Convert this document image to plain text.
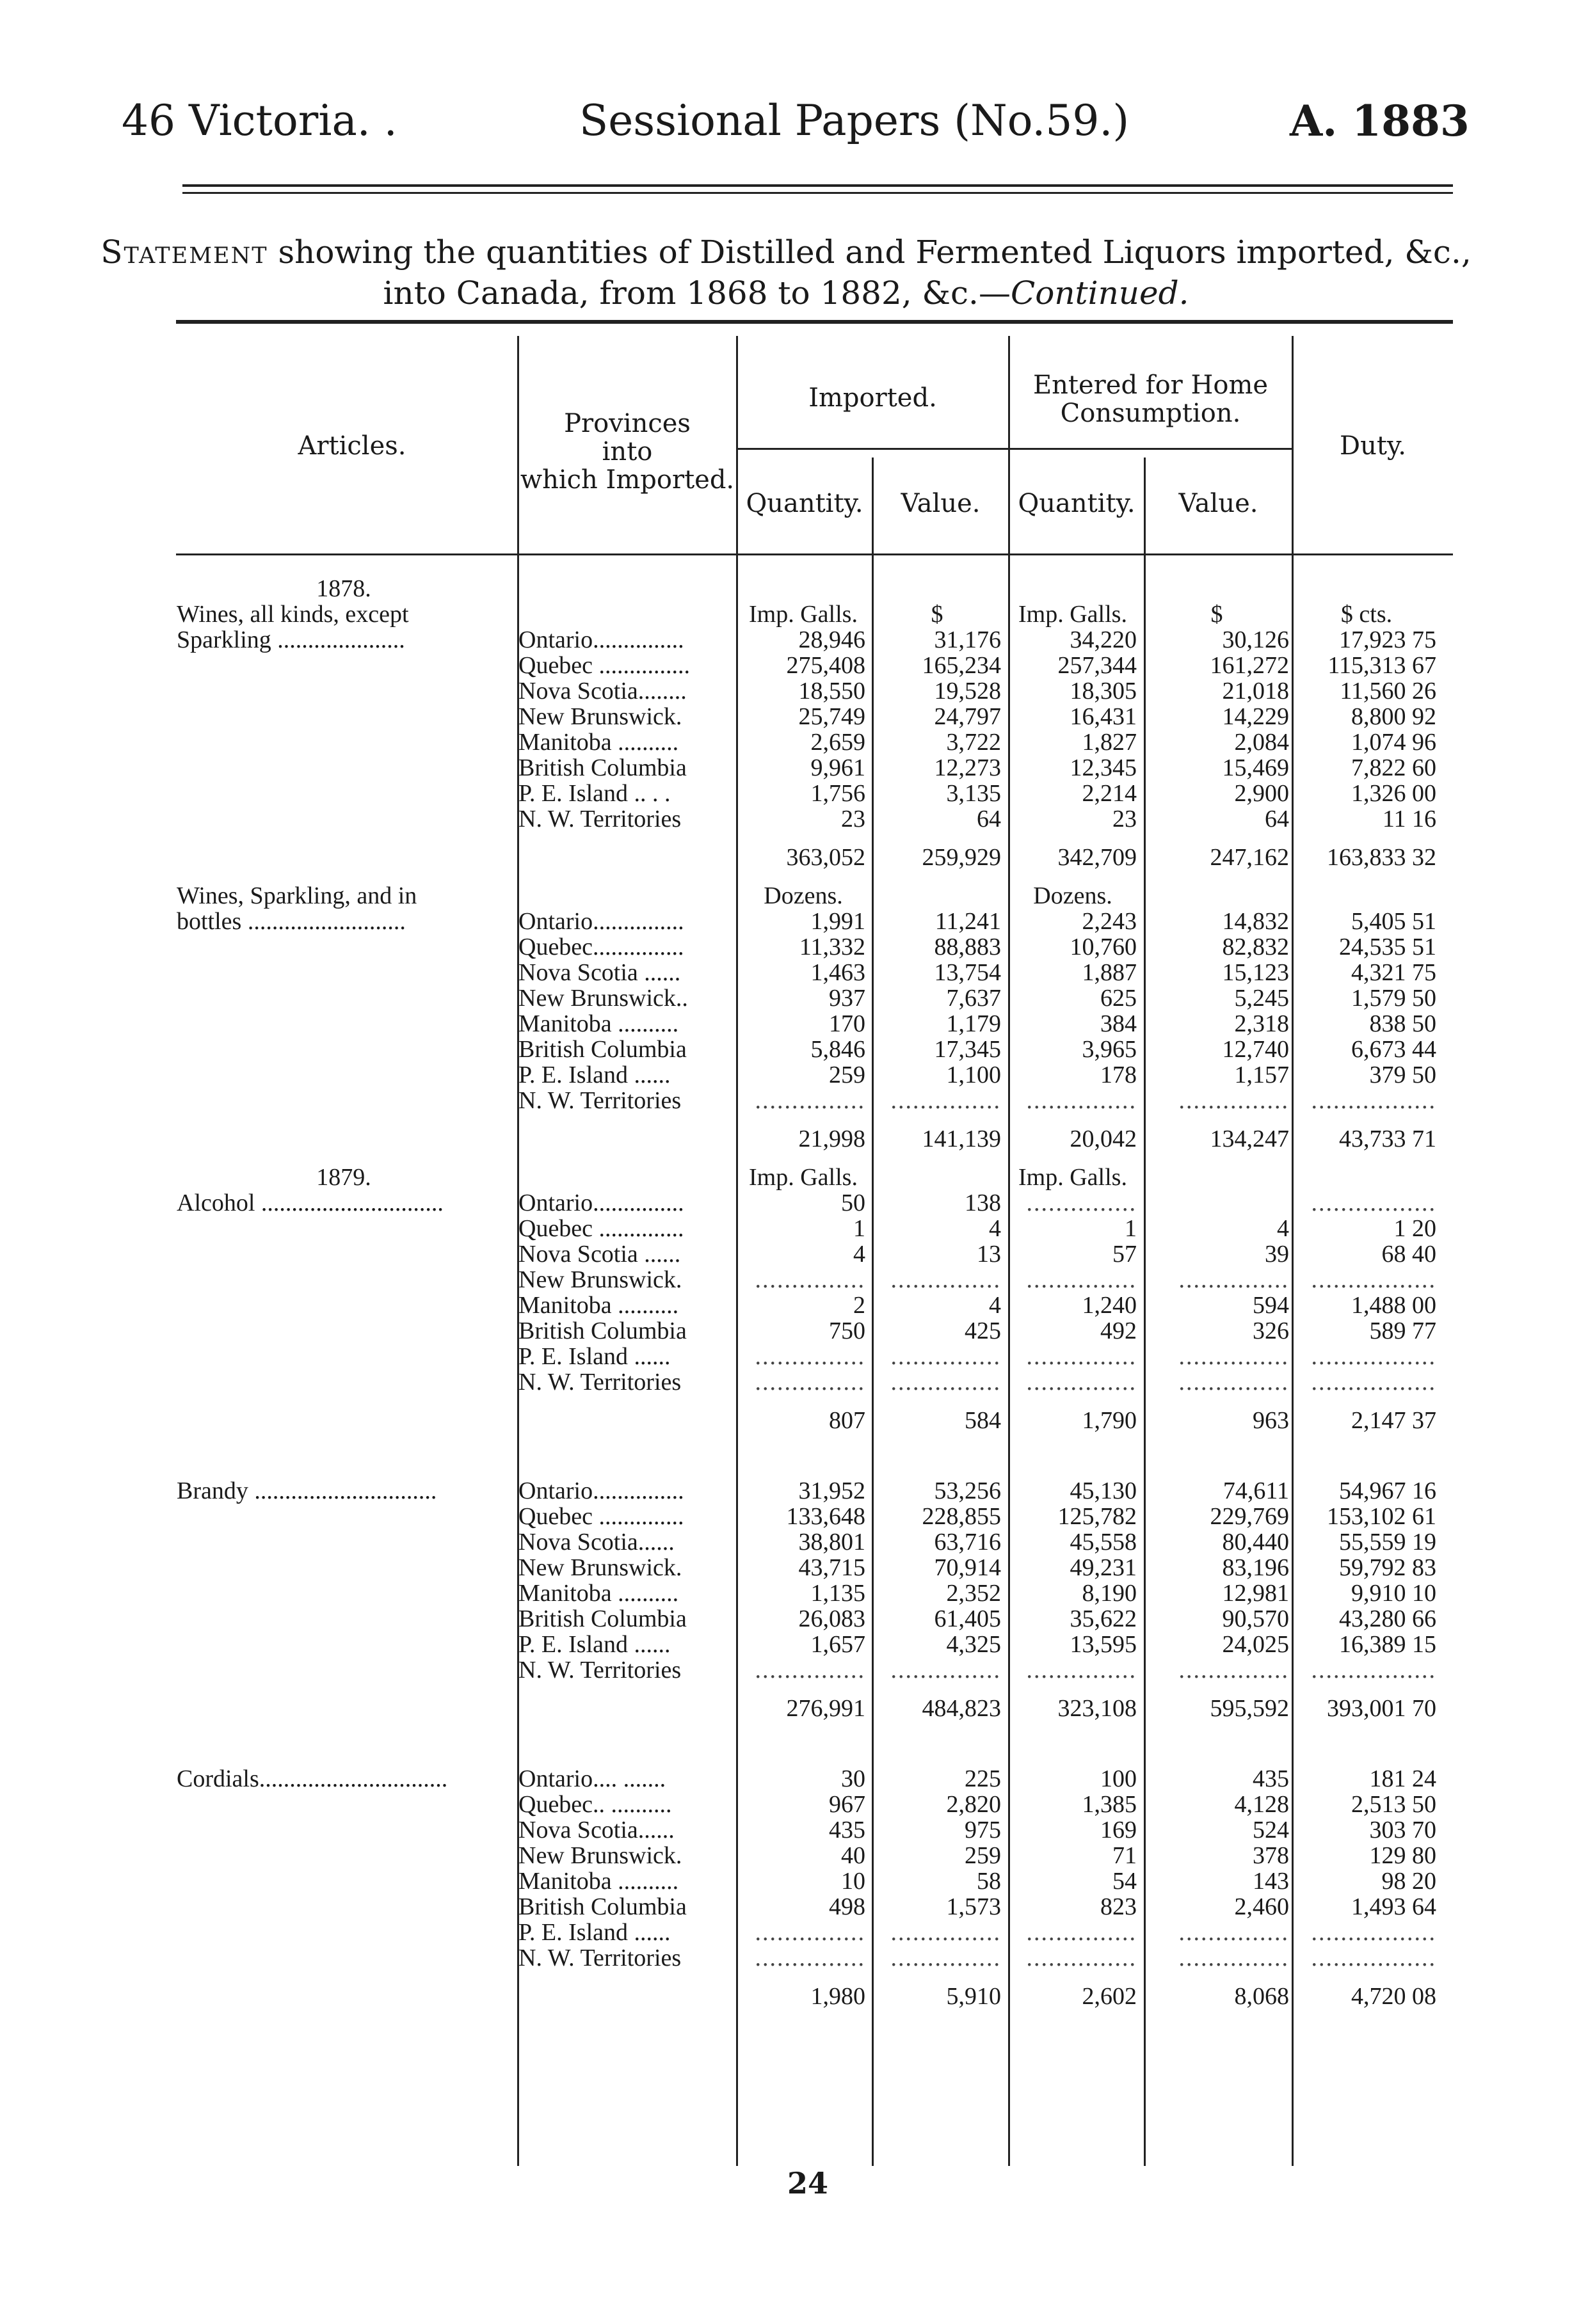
46 Victoria. .	Sessional Papers (No.59.)	A. 1883
Statement showing the quantities of Distilled and Fermented Liquors imported, &c.,
into Canada, from 1868 to 1882, &c.—Continued.
Articles.
Provinces
into
which Imported.
Imported.	Entered for Home
Consumption.
Duty.
Quantity.	Value.	Quantity.	Value.
1878.						
Wines, all kinds, except		Imp. Galls.	$	Imp. Galls.	$	$ cts.
Sparkling .....................	Ontario...............	28,946	31,176	34,220	30,126	17,923 75
	Quebec ...............	275,408	165,234	257,344	161,272	115,313 67
	Nova Scotia........	18,550	19,528	18,305	21,018	11,560 26
	New Brunswick.	25,749	24,797	16,431	14,229	8,800 92
	Manitoba ..........	2,659	3,722	1,827	2,084	1,074 96
	British Columbia	9,961	12,273	12,345	15,469	7,822 60
	P. E. Island .. . .	1,756	3,135	2,214	2,900	1,326 00
	N. W. Territories	23	64	23	64	11 16
		363,052	259,929	342,709	247,162	163,833 32
Wines, Sparkling, and in		Dozens.		Dozens.		
bottles ..........................	Ontario...............	1,991	11,241	2,243	14,832	5,405 51
	Quebec...............	11,332	88,883	10,760	82,832	24,535 51
	Nova Scotia ......	1,463	13,754	1,887	15,123	4,321 75
	New Brunswick..	937	7,637	625	5,245	1,579 50
	Manitoba ..........	170	1,179	384	2,318	838 50
	British Columbia	5,846	17,345	3,965	12,740	6,673 44
	P. E. Island ......	259	1,100	178	1,157	379 50
	N. W. Territories	...............	...............	...............	...............	.................
		21,998	141,139	20,042	134,247	43,733 71
1879.		Imp. Galls.		Imp. Galls.		
Alcohol ..............................	Ontario...............	50	138	...............		.................
	Quebec ..............	1	4	1	4	1 20
	Nova Scotia ......	4	13	57	39	68 40
	New Brunswick.	...............	...............	...............	...............	.................
	Manitoba ..........	2	4	1,240	594	1,488 00
	British Columbia	750	425	492	326	589 77
	P. E. Island ......	...............	...............	...............	...............	.................
	N. W. Territories	...............	...............	...............	...............	.................
		807	584	1,790	963	2,147 37

Brandy ..............................	Ontario...............	31,952	53,256	45,130	74,611	54,967 16
	Quebec ..............	133,648	228,855	125,782	229,769	153,102 61
	Nova Scotia......	38,801	63,716	45,558	80,440	55,559 19
	New Brunswick.	43,715	70,914	49,231	83,196	59,792 83
	Manitoba ..........	1,135	2,352	8,190	12,981	9,910 10
	British Columbia	26,083	61,405	35,622	90,570	43,280 66
	P. E. Island ......	1,657	4,325	13,595	24,025	16,389 15
	N. W. Territories	...............	...............	...............	...............	.................
		276,991	484,823	323,108	595,592	393,001 70

Cordials...............................	Ontario.... .......	30	225	100	435	181 24
	Quebec.. ..........	967	2,820	1,385	4,128	2,513 50
	Nova Scotia......	435	975	169	524	303 70
	New Brunswick.	40	259	71	378	129 80
	Manitoba ..........	10	58	54	143	98 20
	British Columbia	498	1,573	823	2,460	1,493 64
	P. E. Island ......	...............	...............	...............	...............	.................
	N. W. Territories	...............	...............	...............	...............	.................
		1,980	5,910	2,602	8,068	4,720 08
24
